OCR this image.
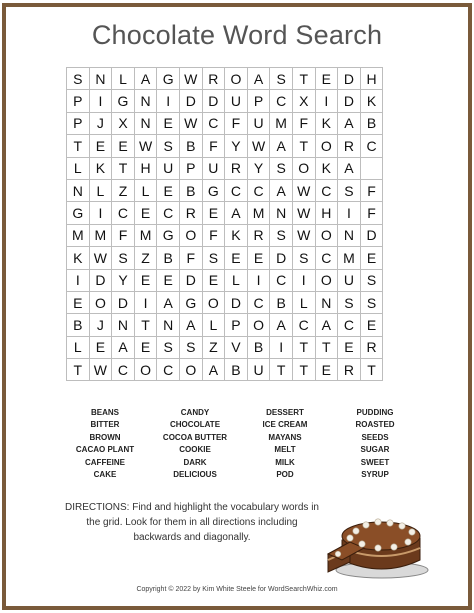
Chocolate Word Search
S N L	A G W R O A S T E D H
P	I	G N	I	D D U P C X	I	D K
P	J	X N E W C F U M F K A B
T E E W S B F Y W A T O R C
L	K T H U P U R Y S O K A
N L	Z	L	E B G C C A W C S F
G	I	C E C R E A M N W H	I	F
M M F M G O F K R S W O N D
K W S Z B F S E E D S C M E
I	D Y E E D E	L	I	C	I	O U S
E O D	I	A G O D C B	L N S S
B	J	N T N A	L	P O A C A C E
L	E A E S S Z V B	I	T	T E R
T W C O C O A B U T	T E R T
BEANS
BITTER
BROWN
CACAO PLANT
CAFFEINE
CAKE
CANDY
CHOCOLATE
COCOA BUTTER
COOKIE
DARK
DELICIOUS
DESSERT
ICE CREAM
MAYANS
MELT
MILK
POD
PUDDING
ROASTED
SEEDS
SUGAR
SWEET
SYRUP
DIRECTIONS: Find and highlight the vocabulary words in the grid. Look for them in all directions including backwards and diagonally.
Copyright © 2022 by Kim White Steele for WordSearchWhiz.com
